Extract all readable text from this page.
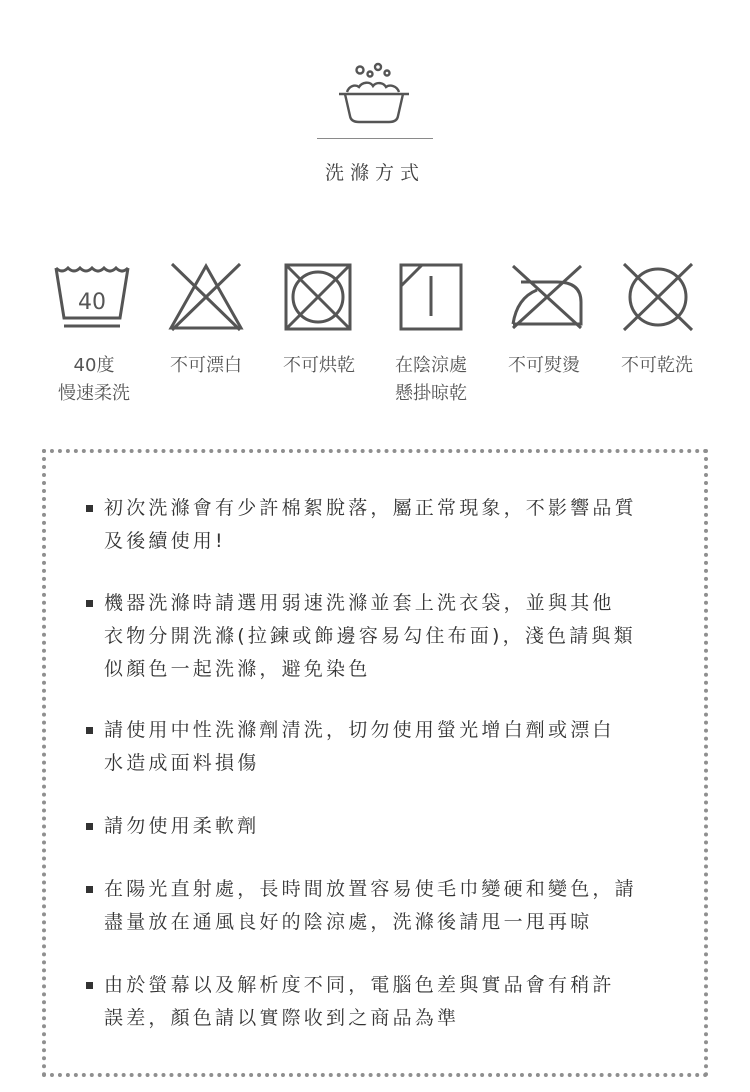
洗滌方式
40
40度
慢速柔洗
不可漂白	不可烘乾	在陰涼處
懸掛晾乾
不可熨燙	不可乾洗
初次洗滌會有少許棉絮脫落，屬正常現象，不影響品質
及後續使用!
機器洗滌時請選用弱速洗滌並套上洗衣袋，並與其他
衣物分開洗滌(拉鍊或飾邊容易勾住布面)，淺色請與類
似顏色一起洗滌，避免染色
請使用中性洗滌劑清洗，切勿使用螢光增白劑或漂白
水造成面料損傷
請勿使用柔軟劑
在陽光直射處，長時間放置容易使毛巾變硬和變色，請
盡量放在通風良好的陰涼處，洗滌後請甩一甩再晾
由於螢幕以及解析度不同，電腦色差與實品會有稍許
誤差，顏色請以實際收到之商品為準
